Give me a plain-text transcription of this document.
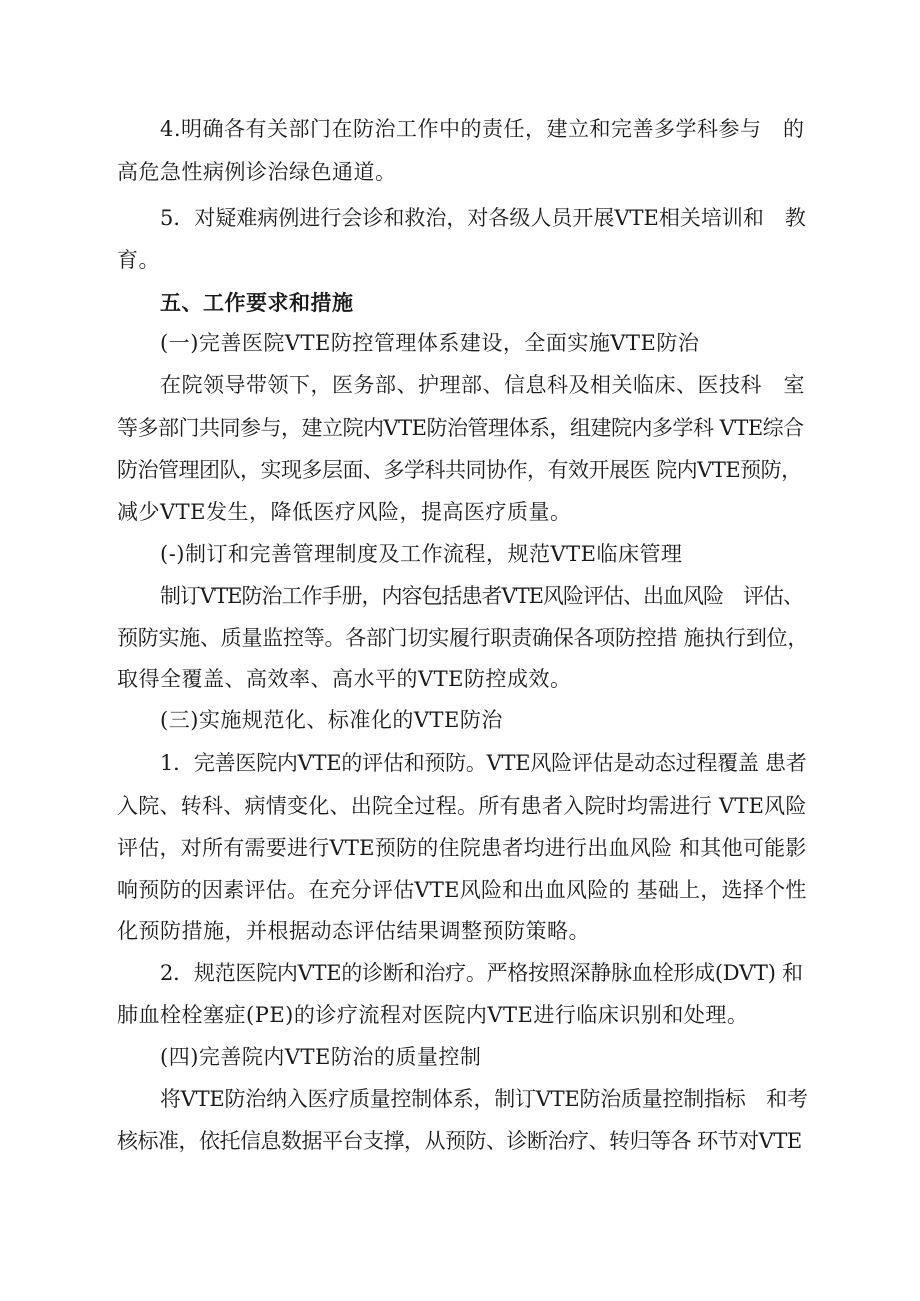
4.明确各有关部门在防治工作中的责任，建立和完善多学科参与　的
高危急性病例诊治绿色通道。
5．对疑难病例进行会诊和救治，对各级人员开展VTE相关培训和　教
育。
五、工作要求和措施
(一)完善医院VTE防控管理体系建设，全面实施VTE防治
在院领导带领下，医务部、护理部、信息科及相关临床、医技科　室
等多部门共同参与，建立院内VTE防治管理体系，组建院内多学科 VTE综合
防治管理团队，实现多层面、多学科共同协作，有效开展医 院内VTE预防，
减少VTE发生，降低医疗风险，提高医疗质量。
(-)制订和完善管理制度及工作流程，规范VTE临床管理
制订VTE防治工作手册，内容包括患者VTE风险评估、出血风险　评估、
预防实施、质量监控等。各部门切实履行职责确保各项防控措 施执行到位，
取得全覆盖、高效率、高水平的VTE防控成效。
(三)实施规范化、标准化的VTE防治
1．完善医院内VTE的评估和预防。VTE风险评估是动态过程覆盖 患者
入院、转科、病情变化、出院全过程。所有患者入院时均需进行 VTE风险
评估，对所有需要进行VTE预防的住院患者均进行出血风险 和其他可能影
响预防的因素评估。在充分评估VTE风险和出血风险的 基础上，选择个性
化预防措施，并根据动态评估结果调整预防策略。
2．规范医院内VTE的诊断和治疗。严格按照深静脉血栓形成(DVT) 和
肺血栓栓塞症(PE)的诊疗流程对医院内VTE进行临床识别和处理。
(四)完善院内VTE防治的质量控制
将VTE防治纳入医疗质量控制体系，制订VTE防治质量控制指标　和考
核标准，依托信息数据平台支撑，从预防、诊断治疗、转归等各 环节对VTE
